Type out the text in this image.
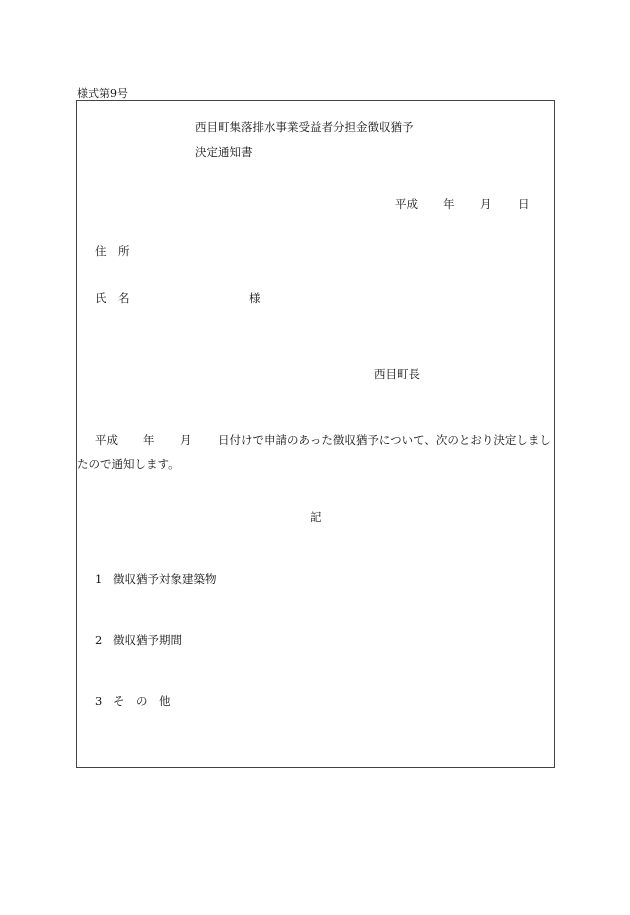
様式第9号
西目町集落排水事業受益者分担金徴収猶予
決定通知書
平成 年 月 日
住　所
氏　名	様
西目町長
平成 年 月 日付けで申請のあった徴収猶予について、次のとおり決定しまし
たので通知します。
記
1 徴収猶予対象建築物
2 徴収猶予期間
3 そ　の　他
